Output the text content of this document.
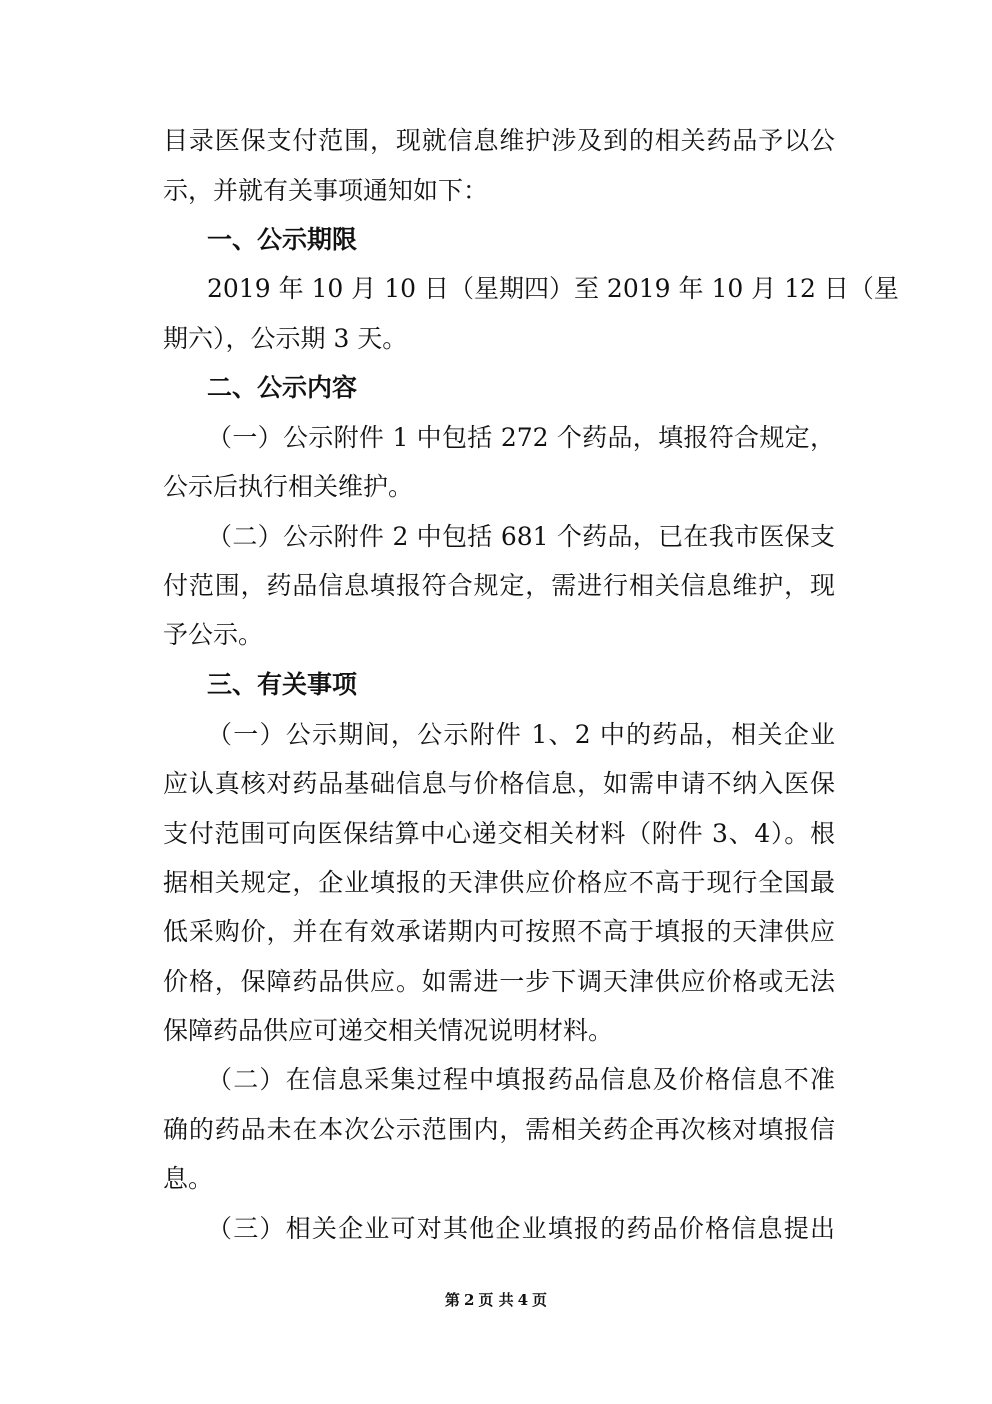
目录医保支付范围，现就信息维护涉及到的相关药品予以公
示，并就有关事项通知如下：
一、公示期限
2019 年 10 月 10 日（星期四）至 2019 年 10 月 12 日（星
期六），公示期 3 天。
二、公示内容
（一）公示附件 1 中包括 272 个药品，填报符合规定，
公示后执行相关维护。
（二）公示附件 2 中包括 681 个药品，已在我市医保支
付范围，药品信息填报符合规定，需进行相关信息维护，现
予公示。
三、有关事项
（一）公示期间，公示附件 1、2 中的药品，相关企业
应认真核对药品基础信息与价格信息，如需申请不纳入医保
支付范围可向医保结算中心递交相关材料（附件 3、4）。根
据相关规定，企业填报的天津供应价格应不高于现行全国最
低采购价，并在有效承诺期内可按照不高于填报的天津供应
价格，保障药品供应。如需进一步下调天津供应价格或无法
保障药品供应可递交相关情况说明材料。
（二）在信息采集过程中填报药品信息及价格信息不准
确的药品未在本次公示范围内，需相关药企再次核对填报信
息。
（三）相关企业可对其他企业填报的药品价格信息提出
第 2 页 共 4 页
